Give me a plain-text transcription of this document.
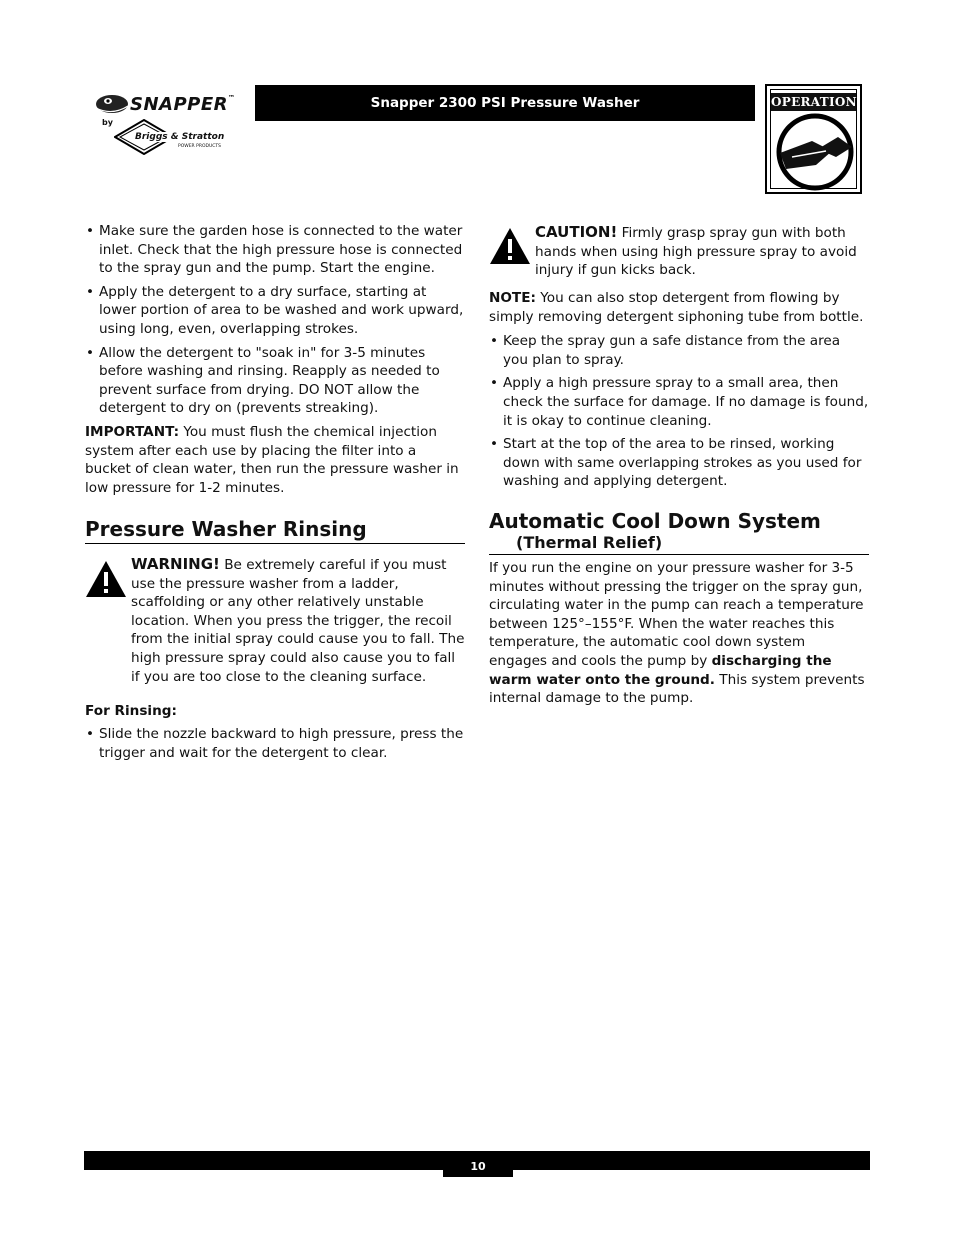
SNAPPER™
by
Briggs & Stratton
POWER PRODUCTS
Snapper 2300 PSI Pressure Washer	OPERATION
• Make sure the garden hose is connected to the water inlet. Check that the high pressure hose is connected to the spray gun and the pump. Start the engine.
• Apply the detergent to a dry surface, starting at lower portion of area to be washed and work upward, using long, even, overlapping strokes.
• Allow the detergent to "soak in" for 3-5 minutes before washing and rinsing. Reapply as needed to prevent surface from drying. DO NOT allow the detergent to dry on (prevents streaking).

IMPORTANT: You must flush the chemical injection system after each use by placing the filter into a bucket of clean water, then run the pressure washer in low pressure for 1-2 minutes.

Pressure Washer Rinsing
WARNING! Be extremely careful if you must use the pressure washer from a ladder, scaffolding or any other relatively unstable location. When you press the trigger, the recoil from the initial spray could cause you to fall. The high pressure spray could also cause you to fall if you are too close to the cleaning surface.
For Rinsing:
• Slide the nozzle backward to high pressure, press the trigger and wait for the detergent to clear.
CAUTION! Firmly grasp spray gun with both hands when using high pressure spray to avoid injury if gun kicks back.

NOTE: You can also stop detergent from flowing by simply removing detergent siphoning tube from bottle.

• Keep the spray gun a safe distance from the area you plan to spray.
• Apply a high pressure spray to a small area, then check the surface for damage. If no damage is found, it is okay to continue cleaning.
• Start at the top of the area to be rinsed, working down with same overlapping strokes as you used for washing and applying detergent.
Automatic Cool Down System
(Thermal Relief)
If you run the engine on your pressure washer for 3-5 minutes without pressing the trigger on the spray gun, circulating water in the pump can reach a temperature between 125°–155°F. When the water reaches this temperature, the automatic cool down system engages and cools the pump by discharging the warm water onto the ground. This system prevents internal damage to the pump.
10
